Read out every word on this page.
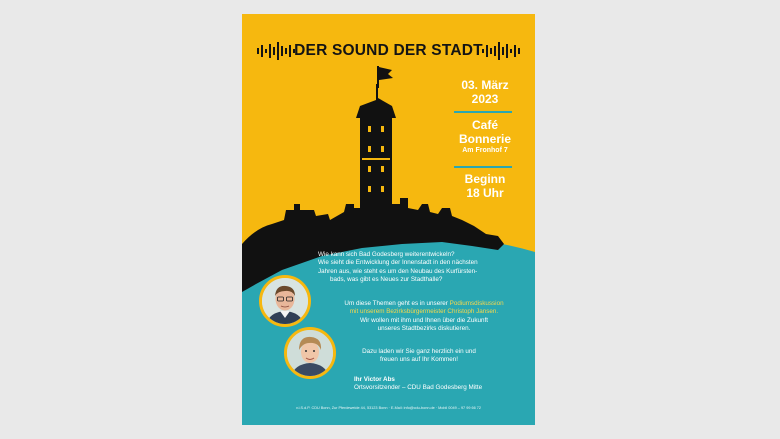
DER SOUND DER STADT
03. März
2023
Café
Bonnerie
Am Fronhof 7
Beginn
18 Uhr
Wie kann sich Bad Godesberg weiterentwickeln?
Wie sieht die Entwicklung der Innenstadt in den nächsten
Jahren aus, wie steht es um den Neubau des Kurfürsten-
bads, was gibt es Neues zur Stadthalle?
Um diese Themen geht es in unserer Podiumsdiskussion
mit unserem Bezirksbürgermeister Christoph Jansen.
Wir wollen mit ihm und Ihnen über die Zukunft
unseres Stadtbezirks diskutieren.
Dazu laden wir Sie ganz herzlich ein und
freuen uns auf Ihr Kommen!
Ihr Victor Abs
Ortsvorsitzender – CDU Bad Godesberg Mitte
v.i.S.d.P. CDU Bonn, Zur Pferdeweide 44, 53123 Bonn · E-Mail: info@cdu-bonn.de · Mobil 0049 – 97 99 66 72
